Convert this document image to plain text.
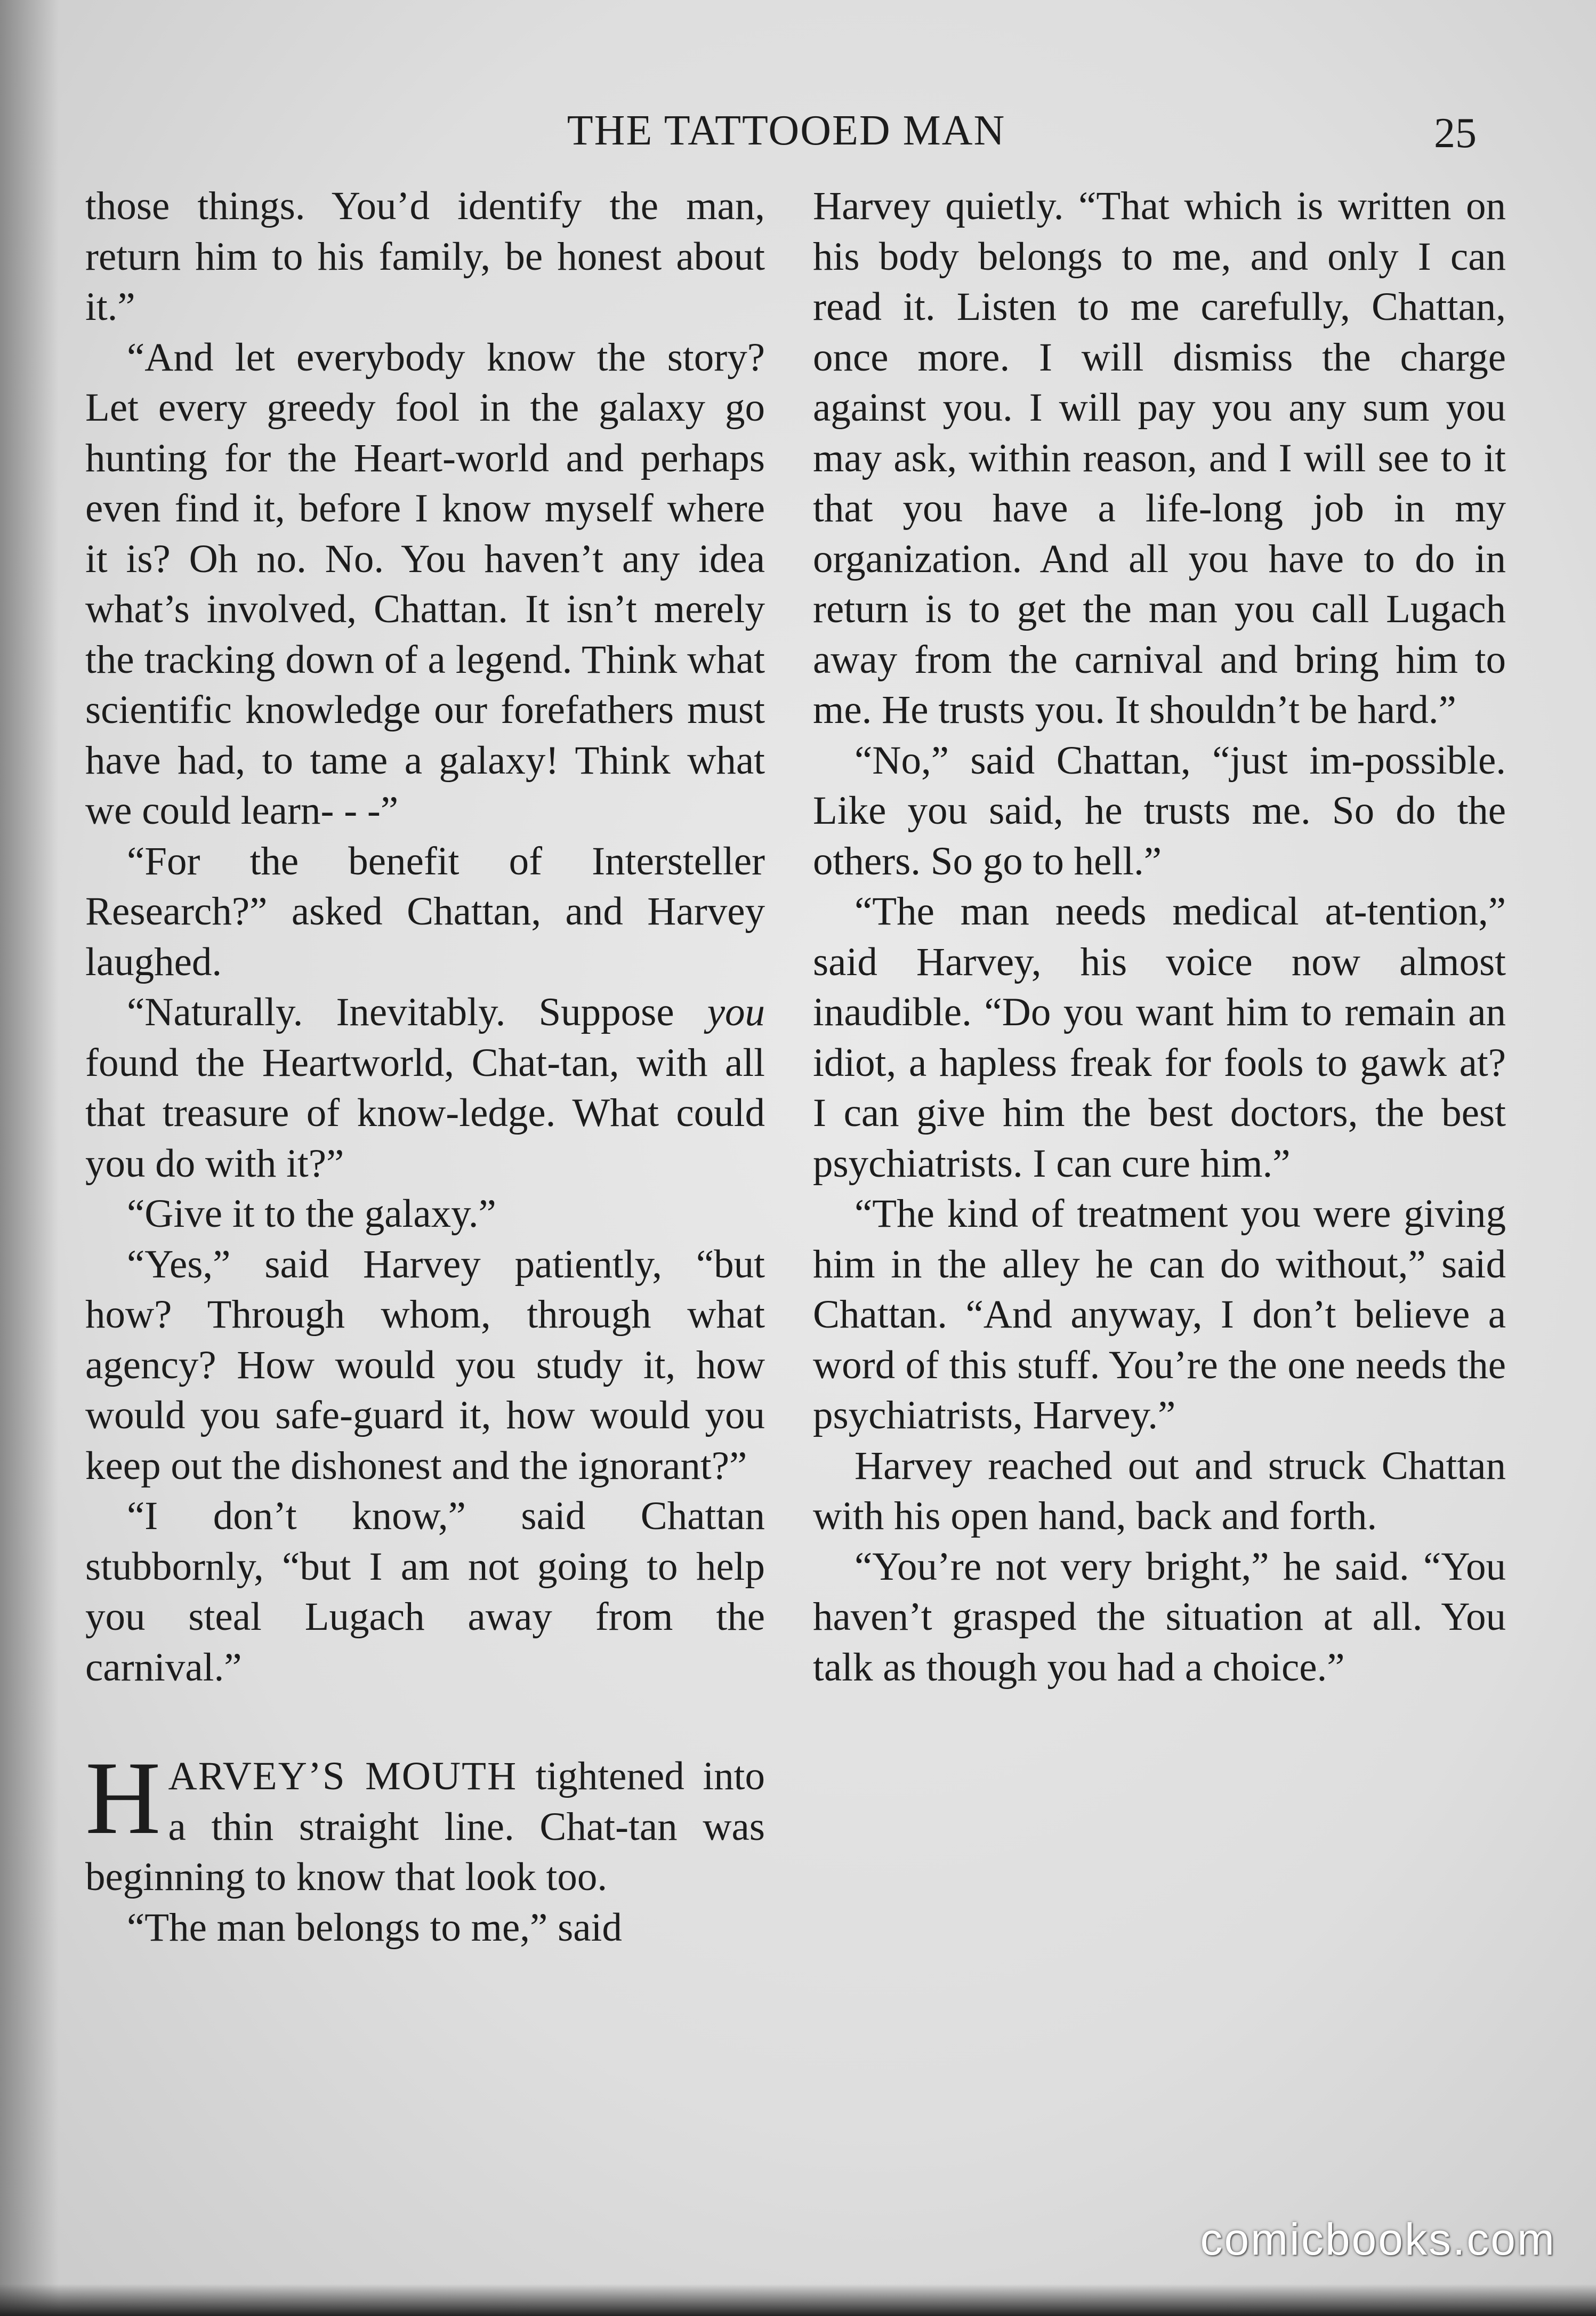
THE TATTOOED MAN	25

those things. You’d identify the man, return him to his family, be honest about it.”

“And let everybody know the story? Let every greedy fool in the galaxy go hunting for the Heart-world and perhaps even find it, before I know myself where it is? Oh no. No. You haven’t any idea what’s involved, Chattan. It isn’t merely the tracking down of a legend. Think what scientific knowledge our forefathers must have had, to tame a galaxy! Think what we could learn- - -”

“For the benefit of Intersteller Research?” asked Chattan, and Harvey laughed.

“Naturally. Inevitably. Suppose you found the Heartworld, Chat-tan, with all that treasure of know-ledge. What could you do with it?”

“Give it to the galaxy.”

“Yes,” said Harvey patiently, “but how? Through whom, through what agency? How would you study it, how would you safe-guard it, how would you keep out the dishonest and the ignorant?”

“I don’t know,” said Chattan stubbornly, “but I am not going to help you steal Lugach away from the carnival.”

HARVEY’S MOUTH tightened into a thin straight line. Chat-tan was beginning to know that look too.

“The man belongs to me,” said

Harvey quietly. “That which is written on his body belongs to me, and only I can read it. Listen to me carefully, Chattan, once more. I will dismiss the charge against you. I will pay you any sum you may ask, within reason, and I will see to it that you have a life-long job in my organization. And all you have to do in return is to get the man you call Lugach away from the carnival and bring him to me. He trusts you. It shouldn’t be hard.”

“No,” said Chattan, “just im-possible. Like you said, he trusts me. So do the others. So go to hell.”

“The man needs medical at-tention,” said Harvey, his voice now almost inaudible. “Do you want him to remain an idiot, a hapless freak for fools to gawk at? I can give him the best doctors, the best psychiatrists. I can cure him.”

“The kind of treatment you were giving him in the alley he can do without,” said Chattan. “And anyway, I don’t believe a word of this stuff. You’re the one needs the psychiatrists, Harvey.”

Harvey reached out and struck Chattan with his open hand, back and forth.

“You’re not very bright,” he said. “You haven’t grasped the situation at all. You talk as though you had a choice.”

comicbooks.com
